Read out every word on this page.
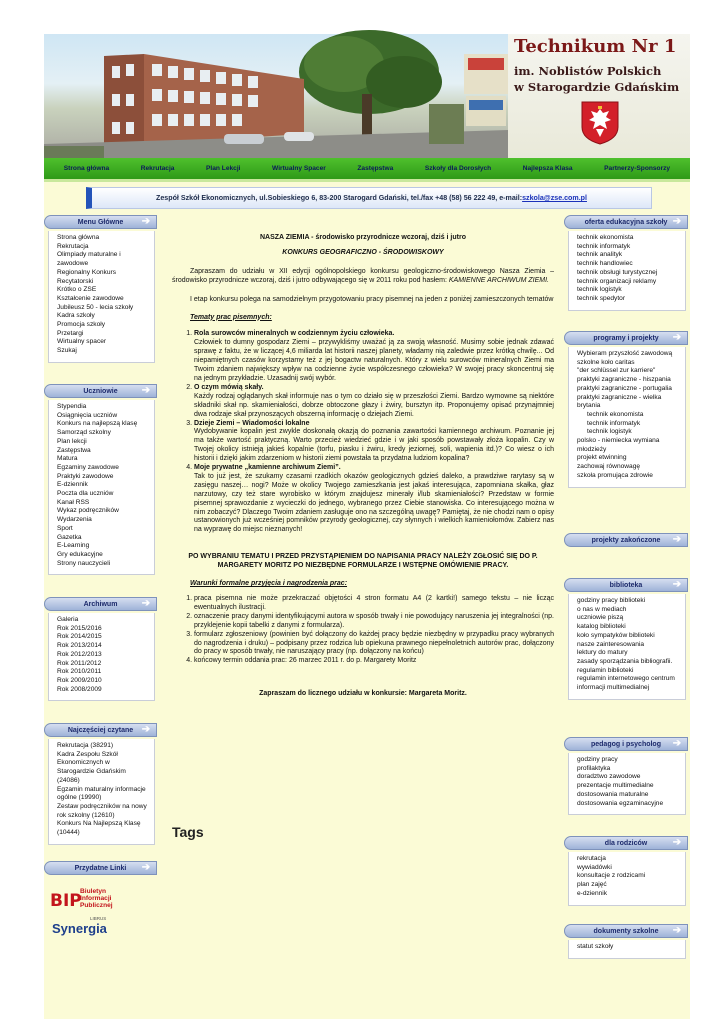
Technikum Nr 1
im. Noblistów Polskich
w Starogardzie Gdańskim
Strona główna	Rekrutacja	Plan Lekcji	Wirtualny Spacer	Zastępstwa	Szkoły dla Dorosłych	Najlepsza Klasa	Partnerzy-Sponsorzy
Zespół Szkół Ekonomicznych, ul.Sobieskiego 6, 83-200 Starogard Gdański, tel./fax +48 (58) 56 222 49, e-mail: szkola@zse.com.pl
Menu Główne ➔
Strona główna
Rekrutacja
Olimpiady maturalne i zawodowe
Regionalny Konkurs Recytatorski
Krótko o ZSE
Kształcenie zawodowe
Jubileusz 50 - lecia szkoły
Kadra szkoły
Promocja szkoły
Przetargi
Wirtualny spacer
Szukaj
Uczniowie ➔
Stypendia
Osiągnięcia uczniów
Konkurs na najlepszą klasę
Samorząd szkolny
Plan lekcji
Zastępstwa
Matura
Egzaminy zawodowe
Praktyki zawodowe
E-dziennik
Poczta dla uczniów
Kanał RSS
Wykaz podręczników
Wydarzenia
Sport
Gazetka
E-Learning
Gry edukacyjne
Strony nauczycieli
Archiwum ➔
Galeria
Rok 2015/2016
Rok 2014/2015
Rok 2013/2014
Rok 2012/2013
Rok 2011/2012
Rok 2010/2011
Rok 2009/2010
Rok 2008/2009
Najczęściej czytane ➔
Rekrutacja (38291)
Kadra Zespołu Szkół Ekonomicznych w Starogardzie Gdańskim (24086)
Egzamin maturalny informacje ogólne (19990)
Zestaw podręczników na nowy rok szkolny (12610)
Konkurs Na Najlepszą Klasę (10444)
Przydatne Linki ➔
BIP
Biuletyn Informacji Publicznej
LIBRUS
Synergia

NASZA ZIEMIA - środowisko przyrodnicze wczoraj, dziś i jutro

KONKURS GEOGRAFICZNO - ŚRODOWISKOWY

Zapraszam do udziału w XII edycji ogólnopolskiego konkursu geologiczno-środowiskowego Nasza Ziemia – środowisko przyrodnicze wczoraj, dziś i jutro odbywającego się w 2011 roku pod hasłem: KAMIENNE ARCHIWUM ZIEMI.

I etap konkursu polega na samodzielnym przygotowaniu pracy pisemnej na jeden z poniżej zamieszczonych tematów

Tematy prac pisemnych:

1. Rola surowców mineralnych w codziennym życiu człowieka.

Człowiek to dumny gospodarz Ziemi – przywykliśmy uważać ją za swoją własność. Musimy sobie jednak zdawać sprawę z faktu, że w liczącej 4,6 miliarda lat historii naszej planety, władamy nią zaledwie przez krótką chwilę... Od niepamiętnych czasów korzystamy też z jej bogactw naturalnych. Który z wielu surowców mineralnych Ziemi ma Twoim zdaniem największy wpływ na codzienne życie współczesnego człowieka? W swojej pracy skoncentruj się na jednym przykładzie. Uzasadnij swój wybór.

2. O czym mówią skały.

Każdy rodzaj oglądanych skał informuje nas o tym co działo się w przeszłości Ziemi. Bardzo wymowne są niektóre składniki skał np. skamieniałości, dobrze obtoczone głazy i żwiry, bursztyn itp. Proponujemy opisać przynajmniej dwa rodzaje skał przynoszących obszerną informację o dziejach Ziemi.

3. Dzieje Ziemi – Wiadomości lokalne

Wydobywanie kopalin jest zwykle doskonałą okazją do poznania zawartości kamiennego archiwum. Poznanie jej ma także wartość praktyczną. Warto przecież wiedzieć gdzie i w jaki sposób powstawały złoża kopalin. Czy w Twojej okolicy istnieją jakieś kopalnie (torfu, piasku i żwiru, kredy jeziornej, soli, wapienia itd.)? Co wiesz o ich historii i dzięki jakim zdarzeniom w historii ziemi powstała ta przydatna ludziom kopalina?

4. Moje prywatne „kamienne archiwum Ziemi”.

Tak to już jest, że szukamy czasami rzadkich okazów geologicznych gdzieś daleko, a prawdziwe rarytasy są w zasięgu naszej… nogi? Może w okolicy Twojego zamieszkania jest jakaś interesująca, zapomniana skałka, głaz narzutowy, czy też stare wyrobisko w którym znajdujesz minerały i/lub skamieniałości? Przedstaw w formie pisemnej sprawozdanie z wycieczki do jednego, wybranego przez Ciebie stanowiska. Co interesującego można w nim zobaczyć? Dlaczego Twoim zdaniem zasługuje ono na szczególną uwagę? Pamiętaj, że nie chodzi nam o opisy ustanowionych już wcześniej pomników przyrody geologicznej, czy słynnych i wielkich kamieniołomów. Zabierz nas na wyprawę do miejsc nieznanych!

PO WYBRANIU TEMATU I PRZED PRZYSTĄPIENIEM DO NAPISANIA PRACY NALEŻY ZGŁOSIĆ SIĘ DO P. MARGARETY MORITZ PO NIEZBĘDNE FORMULARZE I WSTĘPNE OMÓWIENIE PRACY.

Warunki formalne przyjęcia i nagrodzenia prac:

1. praca pisemna nie może przekraczać objętości 4 stron formatu A4 (2 kartki!) samego tekstu – nie licząc ewentualnych ilustracji.
2. oznaczenie pracy danymi identyfikującymi autora w sposób trwały i nie powodujący naruszenia jej integralności (np. przyklejenie kopii tabelki z danymi z formularza).
3. formularz zgłoszeniowy (powinien być dołączony do każdej pracy będzie niezbędny w przypadku pracy wybranych do nagrodzenia i druku) – podpisany przez rodzica lub opiekuna prawnego niepełnoletnich autorów prac, dołączony do pracy w sposób trwały, nie naruszający pracy (np. dołączony na końcu)
4. końcowy termin oddania prac: 26 marzec 2011 r. do p. Margarety Moritz

Zapraszam do licznego udziału w konkursie: Margareta Moritz.

Tags
oferta edukacyjna szkoły ➔
technik ekonomista
technik informatyk
technik analityk
technik handlowiec
technik obsługi turystycznej
technik organizacji reklamy
technik logistyk
technik spedytor
programy i projekty ➔
Wybieram przyszłość zawodową
szkolne koło caritas
"der schlüssel zur karriere"
praktyki zagraniczne - hiszpania
praktyki zagraniczne - portugalia
praktyki zagraniczne - wielka brytania
technik ekonomista
technik informatyk
technik logistyk
polsko - niemiecka wymiana młodzieży
projekt etwinning
zachowaj równowagę
szkoła promująca zdrowie
projekty zakończone ➔
biblioteka	➔
godziny pracy biblioteki
o nas w mediach
uczniowie piszą
katalog biblioteki
koło sympatyków biblioteki
nasze zainteresowania
lektury do matury
zasady sporządzania bibliografii.
regulamin biblioteki
regulamin internetowego centrum informacji multimedialnej
pedagog i psycholog ➔
godziny pracy
profilaktyka
doradztwo zawodowe
prezentacje multimedialne
dostosowania maturalne
dostosowania egzaminacyjne
dla rodziców	➔
rekrutacja
wywiadówki
konsultacje z rodzicami
plan zajęć
e-dziennik
dokumenty szkolne ➔
statut szkoły
